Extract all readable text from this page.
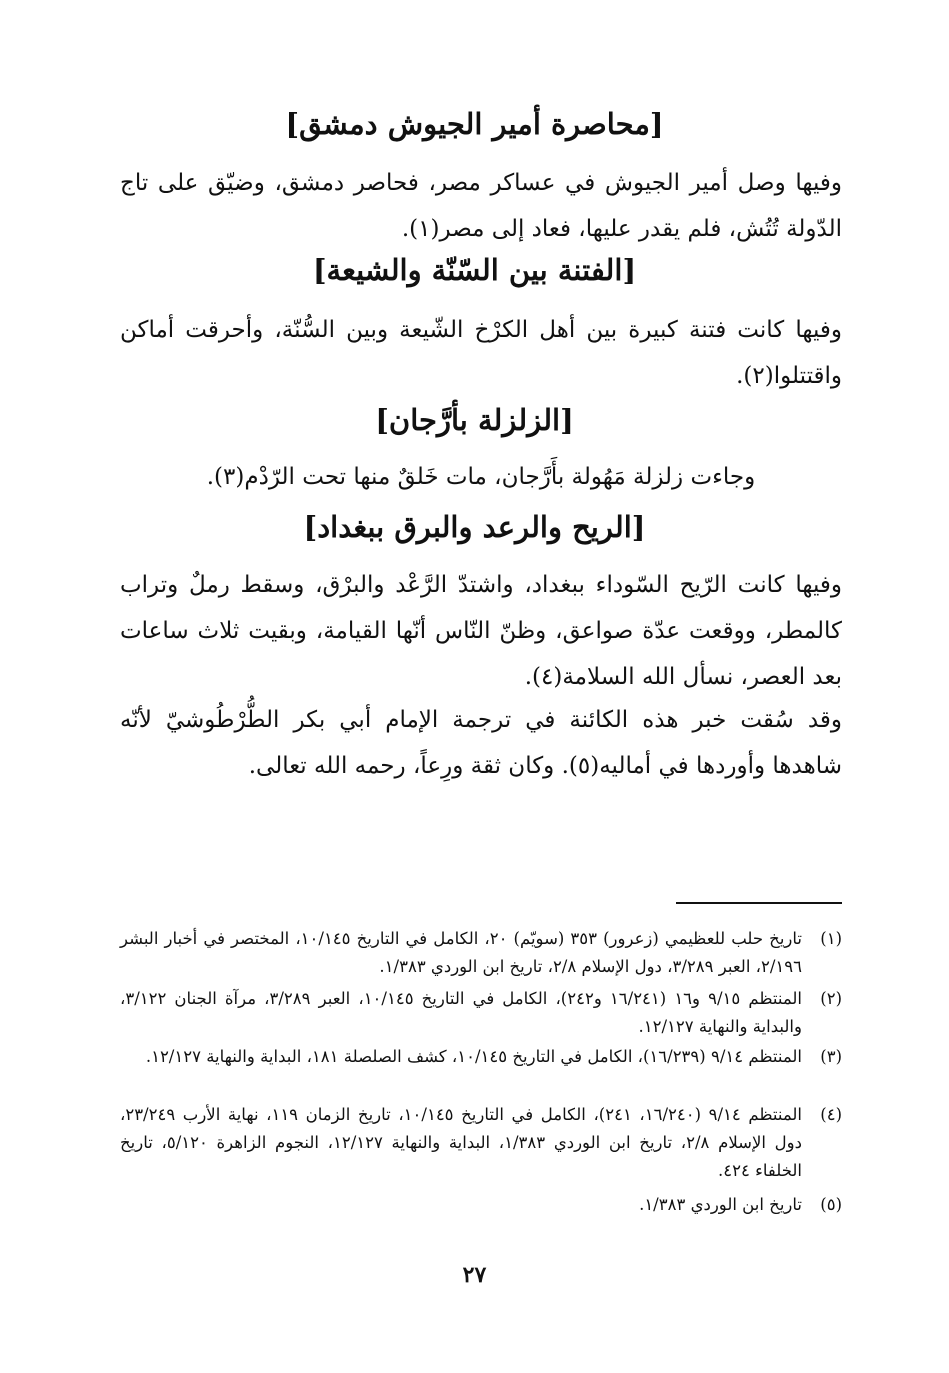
[محاصرة أمير الجيوش دمشق]
وفيها وصل أمير الجيوش في عساكر مصر، فحاصر دمشق، وضيّق على تاج الدّولة تُتُش، فلم يقدر عليها، فعاد إلى مصر(١).
[الفتنة بين السّنّة والشيعة]
وفيها كانت فتنة كبيرة بين أهل الكرْخ الشّيعة وبين السُّنّة، وأحرقت أماكن واقتتلوا(٢).
[الزلزلة بأرَّجان]
وجاءت زلزلة مَهُولة بأَرَّجان، مات خَلقٌ منها تحت الرّدْم(٣).
[الريح والرعد والبرق ببغداد]
وفيها كانت الرّيح السّوداء ببغداد، واشتدّ الرَّعْد والبرْق، وسقط رملٌ وتراب كالمطر، ووقعت عدّة صواعق، وظنّ النّاس أنّها القيامة، وبقيت ثلاث ساعات بعد العصر، نسأل الله السلامة(٤).
وقد سُقت خبر هذه الكائنة في ترجمة الإمام أبي بكر الطُّرْطُوشيّ لأنّه شاهدها وأوردها في أماليه(٥). وكان ثقة ورِعاً، رحمه الله تعالى.
(١)
تاريخ حلب للعظيمي (زعرور) ٣٥٣ (سويّم) ٢٠، الكامل في التاريخ ١٠/١٤٥، المختصر في أخبار البشر ٢/١٩٦، العبر ٣/٢٨٩، دول الإسلام ٢/٨، تاريخ ابن الوردي ١/٣٨٣.
(٢)
المنتظم ٩/١٥ و١٦ (١٦/٢٤١ و٢٤٢)، الكامل في التاريخ ١٠/١٤٥، العبر ٣/٢٨٩، مرآة الجنان ٣/١٢٢، والبداية والنهاية ١٢/١٢٧.
(٣)
المنتظم ٩/١٤ (١٦/٢٣٩)، الكامل في التاريخ ١٠/١٤٥، كشف الصلصلة ١٨١، البداية والنهاية ١٢/١٢٧.
(٤)
المنتظم ٩/١٤ (١٦/٢٤٠، ٢٤١)، الكامل في التاريخ ١٠/١٤٥، تاريخ الزمان ١١٩، نهاية الأرب ٢٣/٢٤٩، دول الإسلام ٢/٨، تاريخ ابن الوردي ١/٣٨٣، البداية والنهاية ١٢/١٢٧، النجوم الزاهرة ٥/١٢٠، تاريخ الخلفاء ٤٢٤.
(٥)
تاريخ ابن الوردي ١/٣٨٣.
٢٧
